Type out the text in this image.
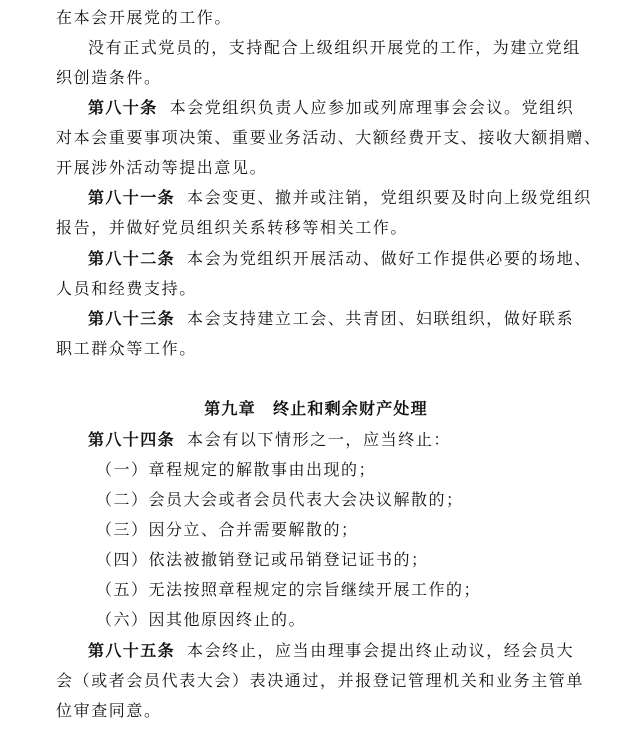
在本会开展党的工作。
没有正式党员的，支持配合上级组织开展党的工作，为建立党组
织创造条件。
第八十条 本会党组织负责人应参加或列席理事会会议。党组织
对本会重要事项决策、重要业务活动、大额经费开支、接收大额捐赠、
开展涉外活动等提出意见。
第八十一条 本会变更、撤并或注销，党组织要及时向上级党组织
报告，并做好党员组织关系转移等相关工作。
第八十二条 本会为党组织开展活动、做好工作提供必要的场地、
人员和经费支持。
第八十三条 本会支持建立工会、共青团、妇联组织，做好联系
职工群众等工作。
第九章　终止和剩余财产处理
第八十四条 本会有以下情形之一，应当终止：
（一）章程规定的解散事由出现的；
（二）会员大会或者会员代表大会决议解散的；
（三）因分立、合并需要解散的；
（四）依法被撤销登记或吊销登记证书的；
（五）无法按照章程规定的宗旨继续开展工作的；
（六）因其他原因终止的。
第八十五条 本会终止，应当由理事会提出终止动议，经会员大
会（或者会员代表大会）表决通过，并报登记管理机关和业务主管单
位审查同意。
